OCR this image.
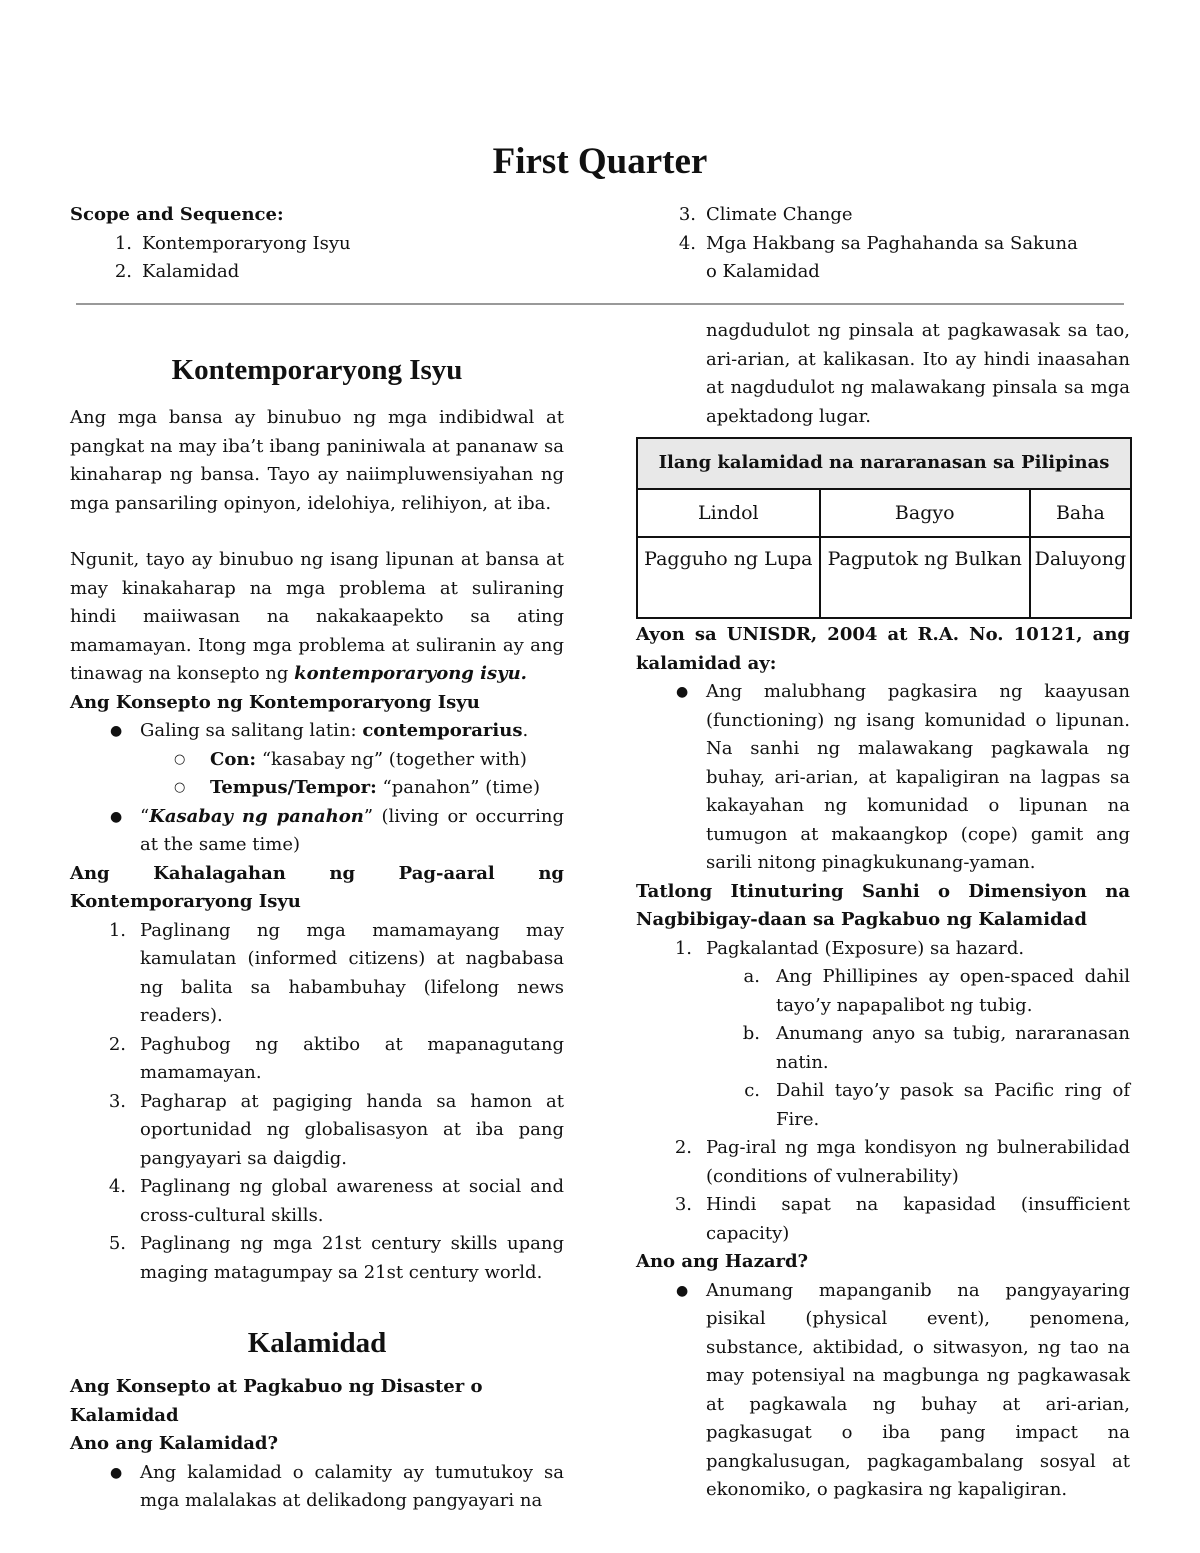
First Quarter
Scope and Sequence:
1. Kontemporaryong Isyu
2. Kalamidad
3. Climate Change
4. Mga Hakbang sa Paghahanda sa Sakuna o Kalamidad
Kontemporaryong Isyu

Ang mga bansa ay binubuo ng mga indibidwal at pangkat na may iba’t ibang paniniwala at pananaw sa kinaharap ng bansa. Tayo ay naiimpluwensiyahan ng mga pansariling opinyon, idelohiya, relihiyon, at iba.

Ngunit, tayo ay binubuo ng isang lipunan at bansa at may kinakaharap na mga problema at suliraning hindi maiiwasan na nakakaapekto sa ating mamamayan. Itong mga problema at suliranin ay ang tinawag na konsepto ng kontemporaryong isyu.

Ang Konsepto ng Kontemporaryong Isyu
● Galing sa salitang latin: contemporarius.
○ Con: “kasabay ng” (together with)
○ Tempus/Tempor: “panahon” (time)
● “Kasabay ng panahon” (living or occurring at the same time)
Ang Kahalagahan ng Pag-aaral ng Kontemporaryong Isyu
1. Paglinang ng mga mamamayang may kamulatan (informed citizens) at nagbabasa ng balita sa habambuhay (lifelong news readers).
2. Paghubog ng aktibo at mapanagutang mamamayan.
3. Pagharap at pagiging handa sa hamon at oportunidad ng globalisasyon at iba pang pangyayari sa daigdig.
4. Paglinang ng global awareness at social and cross-cultural skills.
5. Paglinang ng mga 21st century skills upang maging matagumpay sa 21st century world.
Kalamidad
Ang Konsepto at Pagkabuo ng Disaster o Kalamidad
Ano ang Kalamidad?
● Ang kalamidad o calamity ay tumutukoy sa mga malalakas at delikadong pangyayari na

nagdudulot ng pinsala at pagkawasak sa tao, ari-arian, at kalikasan. Ito ay hindi inaasahan at nagdudulot ng malawakang pinsala sa mga apektadong lugar.

Ilang kalamidad na nararanasan sa Pilipinas		
Lindol	Bagyo	Baha
Pagguho ng Lupa	Pagputok ng Bulkan	Daluyong
Ayon sa UNISDR, 2004 at R.A. No. 10121, ang kalamidad ay:
● Ang malubhang pagkasira ng kaayusan (functioning) ng isang komunidad o lipunan. Na sanhi ng malawakang pagkawala ng buhay, ari-arian, at kapaligiran na lagpas sa kakayahan ng komunidad o lipunan na tumugon at makaangkop (cope) gamit ang sarili nitong pinagkukunang-yaman.
Tatlong Itinuturing Sanhi o Dimensiyon na Nagbibigay-daan sa Pagkabuo ng Kalamidad
1. Pagkalantad (Exposure) sa hazard.
a. Ang Phillipines ay open-spaced dahil tayo’y napapalibot ng tubig.
b. Anumang anyo sa tubig, nararanasan natin.
c. Dahil tayo’y pasok sa Pacific ring of Fire.
2. Pag-iral ng mga kondisyon ng bulnerabilidad (conditions of vulnerability)
3. Hindi sapat na kapasidad (insufficient capacity)
Ano ang Hazard?
● Anumang mapanganib na pangyayaring pisikal (physical event), penomena, substance, aktibidad, o sitwasyon, ng tao na may potensiyal na magbunga ng pagkawasak at pagkawala ng buhay at ari-arian, pagkasugat o iba pang impact na pangkalusugan, pagkagambalang sosyal at ekonomiko, o pagkasira ng kapaligiran.
